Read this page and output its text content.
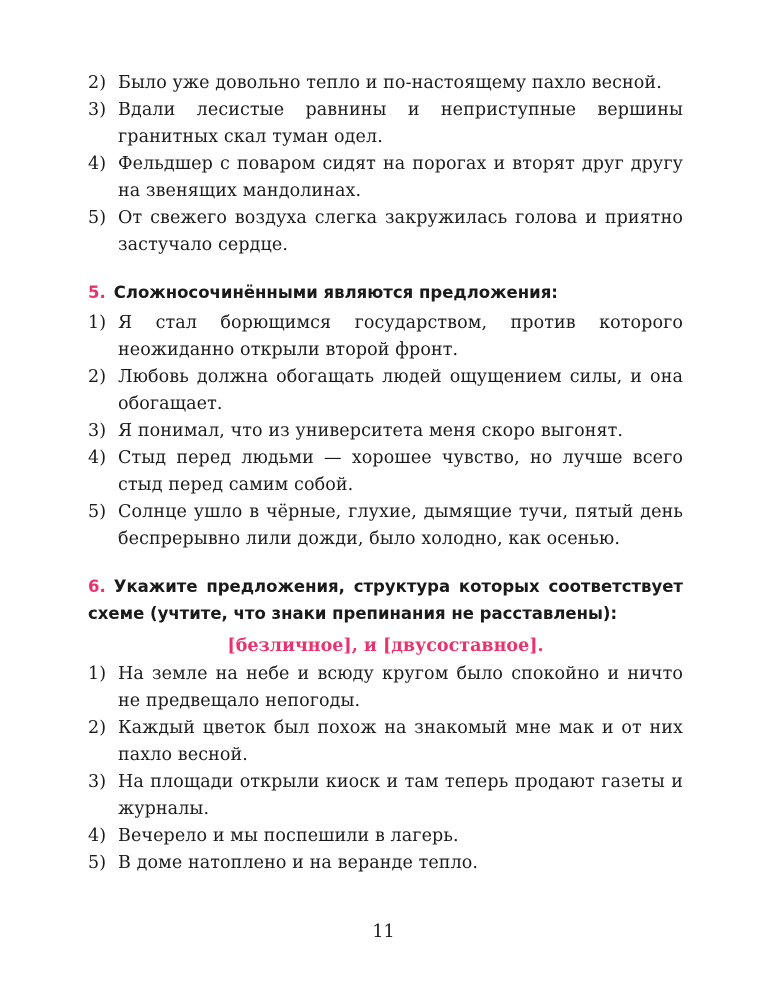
2) Было уже довольно тепло и по-настоящему пахло весной.
3) Вдали лесистые равнины и неприступные вершины гранитных скал туман одел.
4) Фельдшер с поваром сидят на порогах и вторят друг другу на звенящих мандолинах.
5) От свежего воздуха слегка закружилась голова и приятно застучало сердце.
5. Сложносочинёнными являются предложения:
1) Я стал борющимся государством, против которого неожиданно открыли второй фронт.
2) Любовь должна обогащать людей ощущением силы, и она обогащает.
3) Я понимал, что из университета меня скоро выгонят.
4) Стыд перед людьми — хорошее чувство, но лучше всего стыд перед самим собой.
5) Солнце ушло в чёрные, глухие, дымящие тучи, пятый день беспрерывно лили дожди, было холодно, как осенью.
6. Укажите предложения, структура которых соответствует схеме (учтите, что знаки препинания не расставлены):
[безличное], и [двусоставное].
1) На земле на небе и всюду кругом было спокойно и ничто не предвещало непогоды.
2) Каждый цветок был похож на знакомый мне мак и от них пахло весной.
3) На площади открыли киоск и там теперь продают газеты и журналы.
4) Вечерело и мы поспешили в лагерь.
5) В доме натоплено и на веранде тепло.
11
